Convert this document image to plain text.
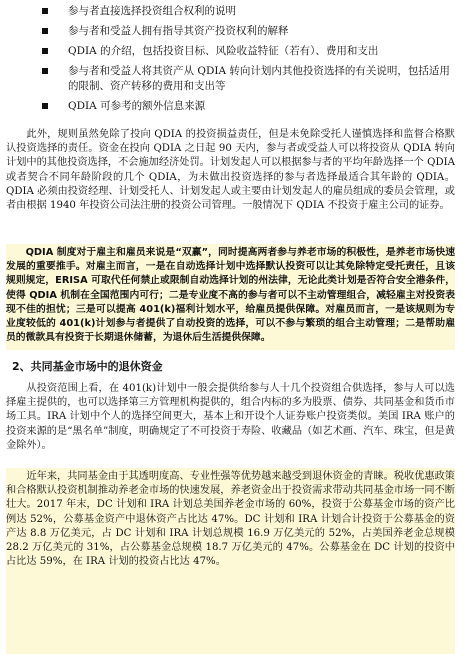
参与者直接选择投资组合权利的说明
参与者和受益人拥有指导其资产投资权利的解释
QDIA 的介绍，包括投资目标、风险收益特征（若有）、费用和支出
参与者和受益人将其资产从 QDIA 转向计划内其他投资选择的有关说明，包括适用的限制、资产转移的费用和支出等
QDIA 可参考的额外信息来源

此外，规则虽然免除了投向 QDIA 的投资损益责任，但是未免除受托人谨慎选择和监督合格默认投资选择的责任。资金在投向 QDIA 之日起 90 天内，参与者或受益人可以将投资从 QDIA 转向计划中的其他投资选择，不会施加经济处罚。计划发起人可以根据参与者的平均年龄选择一个 QDIA 或者契合不同年龄阶段的几个 QDIA，为未做出投资选择的参与者选择最适合其年龄的 QDIA。QDIA 必须由投资经理、计划受托人、计划发起人或主要由计划发起人的雇员组成的委员会管理，或者由根据 1940 年投资公司法注册的投资公司管理。一般情况下 QDIA 不投资于雇主公司的证券。

QDIA 制度对于雇主和雇员来说是“双赢”，同时提高两者参与养老市场的积极性，是养老市场快速发展的重要推手。对雇主而言，一是在自动选择计划中选择默认投资可以让其免除特定受托责任，且该规则规定，ERISA 可取代任何禁止或限制自动选择计划的州法律，无论此类计划是否符合安全港条件，使得 QDIA 机制在全国范围内可行；二是专业度不高的参与者可以不主动管理组合，减轻雇主对投资表现不佳的担忧；三是可以提高 401(k)福利计划水平，给雇员提供保障。对雇员而言，一是该规则为专业度较低的 401(k)计划参与者提供了自动投资的选择，可以不参与繁琐的组合主动管理；二是帮助雇员的微款具有投资于长期退休储蓄，为退休后生活提供保障。

2、共同基金市场中的退休资金

从投资范围上看，在 401(k)计划中一般会提供给参与人十几个投资组合供选择，参与人可以选择雇主提供的，也可以选择第三方管理机构提供的，组合内标的多为股票、债券、共同基金和货币市场工具。IRA 计划中个人的选择空间更大，基本上和开设个人证券账户投资类似。美国 IRA 账户的投资来源的是“黑名单”制度，明确规定了不可投资于寿险、收藏品（如艺术画、汽车、珠宝，但是黄金除外）。

近年来，共同基金由于其透明度高、专业性强等优势越来越受到退休资金的青睐。税收优惠政策和合格默认投资机制推动养老金市场的快速发展，养老资金出于投资需求带动共同基金市场一同不断壮大。2017 年末，DC 计划和 IRA 计划总美国养老金市场的 60%，投资于公募基金市场的资产比例达 52%，公募基金资产中退休资产占比达 47%。DC 计划和 IRA 计划合计投资于公募基金的资产达 8.8 万亿美元，占 DC 计划和 IRA 计划总规模 16.9 万亿美元的 52%，占美国养老金总规模 28.2 万亿美元的 31%，占公募基金总规模 18.7 万亿美元的 47%。公募基金在 DC 计划的投资中占比达 59%，在 IRA 计划的投资占比达 47%。
